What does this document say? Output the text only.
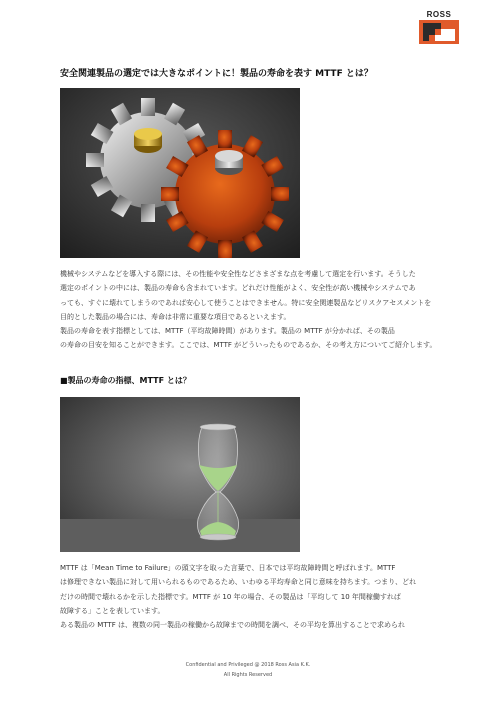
ROSS
安全関連製品の選定では大きなポイントに！製品の寿命を表す MTTF とは？
機械やシステムなどを導入する際には、その性能や安全性などさまざまな点を考慮して選定を行います。そうした
選定のポイントの中には、製品の寿命も含まれています。どれだけ性能がよく、安全性が高い機械やシステムであ
っても、すぐに壊れてしまうのであれば安心して使うことはできません。特に安全関連製品などリスクアセスメントを
目的とした製品の場合には、寿命は非常に重要な項目であるといえます。
製品の寿命を表す指標としては、MTTF（平均故障時間）があります。製品の MTTF が分かれば、その製品
の寿命の目安を知ることができます。ここでは、MTTF がどういったものであるか、その考え方についてご紹介します。
■製品の寿命の指標、MTTF とは？
MTTF は「Mean Time to Failure」の頭文字を取った言葉で、日本では平均故障時間と呼ばれます。MTTF
は修理できない製品に対して用いられるものであるため、いわゆる平均寿命と同じ意味を持ちます。つまり、どれ
だけの時間で壊れるかを示した指標です。MTTF が 10 年の場合、その製品は「平均して 10 年間稼働すれば
故障する」ことを表しています。
ある製品の MTTF は、複数の同一製品の稼働から故障までの時間を調べ、その平均を算出することで求められ
Confidential and Privileged @ 2018 Ross Asia K.K.
All Rights Reserved
